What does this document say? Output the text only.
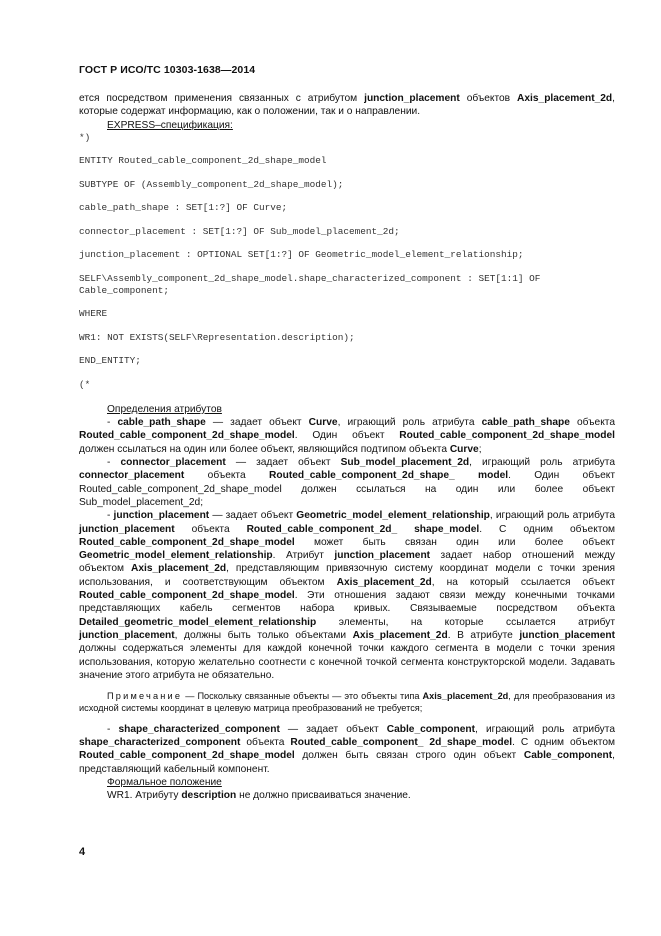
ГОСТ Р ИСО/ТС 10303-1638—2014

ется посредством применения связанных с атрибутом junction_placement объектов Axis_placement_2d, которые содержат информацию, как о положении, так и о направлении.

EXPRESS–спецификация:

*)
ENTITY Routed_cable_component_2d_shape_model
SUBTYPE OF (Assembly_component_2d_shape_model);
cable_path_shape : SET[1:?] OF Curve;
connector_placement : SET[1:?] OF Sub_model_placement_2d;
junction_placement : OPTIONAL SET[1:?] OF Geometric_model_element_relationship;
SELF\Assembly_component_2d_shape_model.shape_characterized_component : SET[1:1] OF Cable_component;
WHERE
WR1: NOT EXISTS(SELF\Representation.description);
END_ENTITY;
(*

Определения атрибутов

- cable_path_shape — задает объект Curve, играющий роль атрибута cable_path_shape объекта Routed_cable_component_2d_shape_model. Один объект Routed_cable_component_2d_shape_model должен ссылаться на один или более объект, являющийся подтипом объекта Curve;

- connector_placement — задает объект Sub_model_placement_2d, играющий роль атрибута connector_placement объекта Routed_cable_component_2d_shape_ model. Один объект Routed_cable_component_2d_shape_model должен ссылаться на один или более объект Sub_model_placement_2d;

- junction_placement — задает объект Geometric_model_element_relationship, играющий роль атрибута junction_placement объекта Routed_cable_component_2d_ shape_model. С одним объектом Routed_cable_component_2d_shape_model может быть связан один или более объект Geometric_model_element_relationship. Атрибут junction_placement задает набор отношений между объектом Axis_placement_2d, представляющим привязочную систему координат модели с точки зрения использования, и соответствующим объектом Axis_placement_2d, на который ссылается объект Routed_cable_component_2d_shape_model. Эти отношения задают связи между конечными точками представляющих кабель сегментов набора кривых. Связываемые посредством объекта Detailed_geometric_model_element_relationship элементы, на которые ссылается атрибут junction_placement, должны быть только объектами Axis_placement_2d. В атрибуте junction_placement должны содержаться элементы для каждой конечной точки каждого сегмента в модели с точки зрения использования, которую желательно соотнести с конечной точкой сегмента конструкторской модели. Задавать значение этого атрибута не обязательно.

Примечание — Поскольку связанные объекты — это объекты типа Axis_placement_2d, для преобразования из исходной системы координат в целевую матрица преобразований не требуется;

- shape_characterized_component — задает объект Cable_component, играющий роль атрибута shape_characterized_component объекта Routed_cable_component_ 2d_shape_model. С одним объектом Routed_cable_component_2d_shape_model должен быть связан строго один объект Cable_component, представляющий кабельный компонент.

Формальное положение

WR1. Атрибуту description не должно присваиваться значение.

4
